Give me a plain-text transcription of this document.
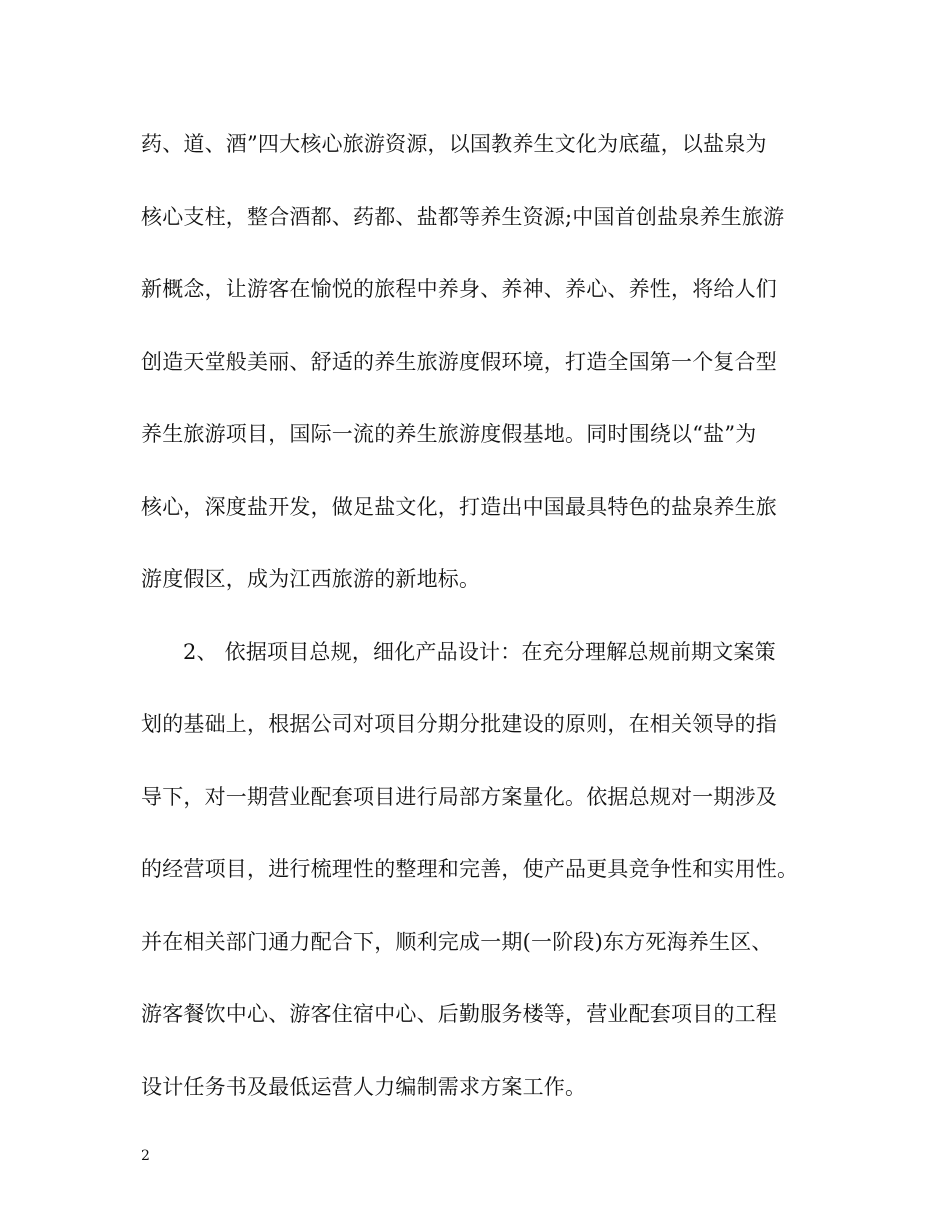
药、道、酒”四大核心旅游资源，以国教养生文化为底蕴，以盐泉为
核心支柱，整合酒都、药都、盐都等养生资源;中国首创盐泉养生旅游
新概念，让游客在愉悦的旅程中养身、养神、养心、养性，将给人们
创造天堂般美丽、舒适的养生旅游度假环境，打造全国第一个复合型
养生旅游项目，国际一流的养生旅游度假基地。同时围绕以“盐”为
核心，深度盐开发，做足盐文化，打造出中国最具特色的盐泉养生旅
游度假区，成为江西旅游的新地标。
2、 依据项目总规，细化产品设计：在充分理解总规前期文案策
划的基础上，根据公司对项目分期分批建设的原则，在相关领导的指
导下，对一期营业配套项目进行局部方案量化。依据总规对一期涉及
的经营项目，进行梳理性的整理和完善，使产品更具竞争性和实用性。
并在相关部门通力配合下，顺利完成一期(一阶段)东方死海养生区、
游客餐饮中心、游客住宿中心、后勤服务楼等，营业配套项目的工程
设计任务书及最低运营人力编制需求方案工作。
2
